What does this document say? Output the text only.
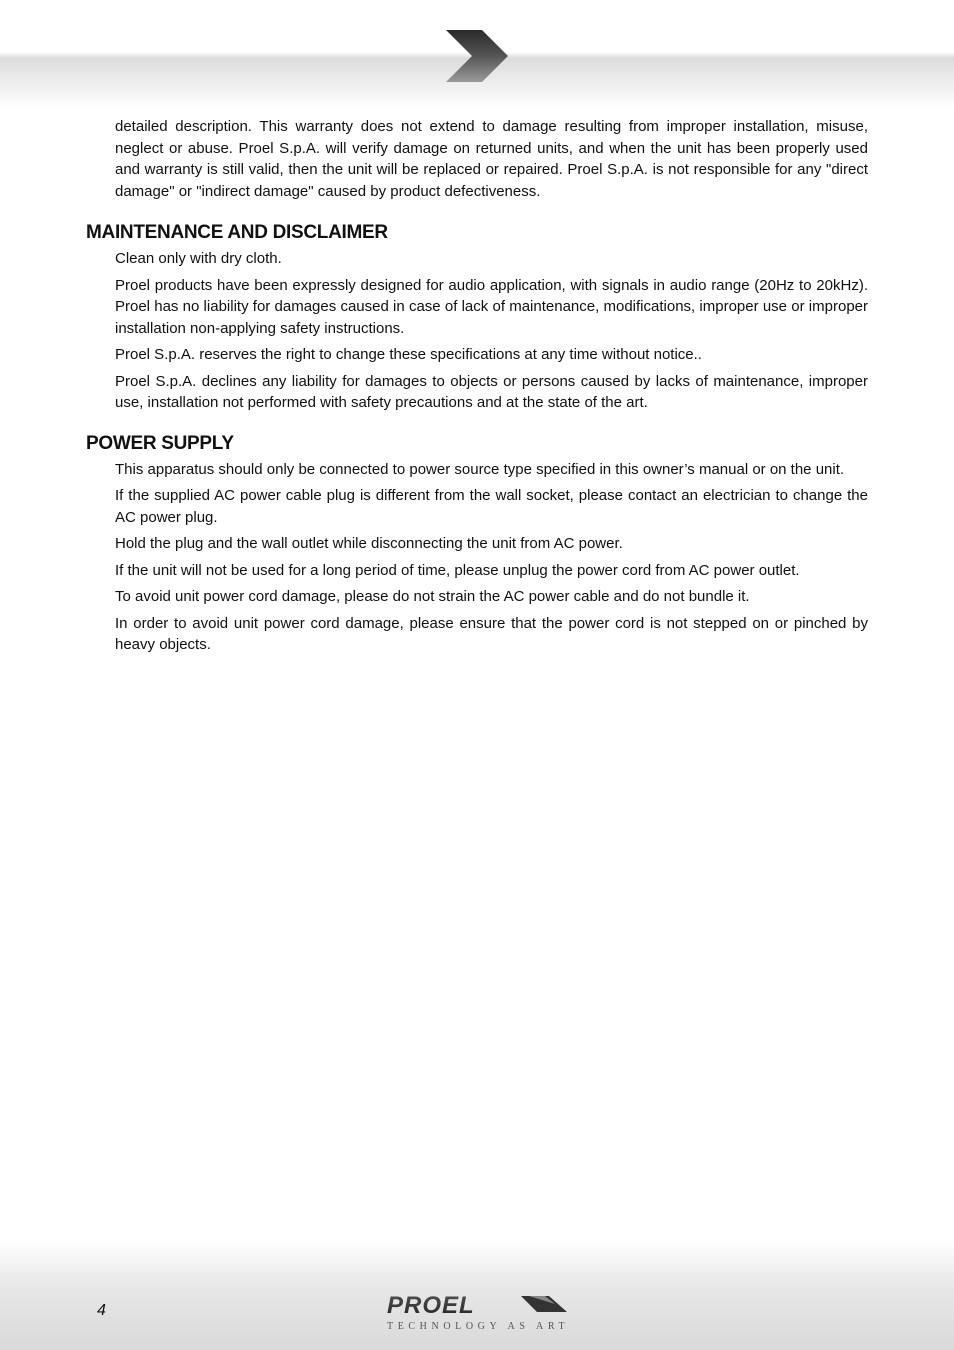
detailed description. This warranty does not extend to damage resulting from improper installation, misuse, neglect or abuse. Proel S.p.A. will verify damage on returned units, and when the unit has been properly used and warranty is still valid, then the unit will be replaced or repaired. Proel S.p.A. is not responsible for any "direct damage" or "indirect damage" caused by product defectiveness.

MAINTENANCE AND DISCLAIMER

Clean only with dry cloth.

Proel products have been expressly designed for audio application, with signals in audio range (20Hz to 20kHz). Proel has no liability for damages caused in case of lack of maintenance, modifications, improper use or improper installation non-applying safety instructions.

Proel S.p.A. reserves the right to change these specifications at any time without notice..

Proel S.p.A. declines any liability for damages to objects or persons caused by lacks of maintenance, improper use, installation not performed with safety precautions and at the state of the art.

POWER SUPPLY

This apparatus should only be connected to power source type specified in this owner’s manual or on the unit.

If the supplied AC power cable plug is different from the wall socket, please contact an electrician to change the AC power plug.

Hold the plug and the wall outlet while disconnecting the unit from AC power.

If the unit will not be used for a long period of time, please unplug the power cord from AC power outlet.

To avoid unit power cord damage, please do not strain the AC power cable and do not bundle it.

In order to avoid unit power cord damage, please ensure that the power cord is not stepped on or pinched by heavy objects.

4	PROEL
TECHNOLOGY AS ART
